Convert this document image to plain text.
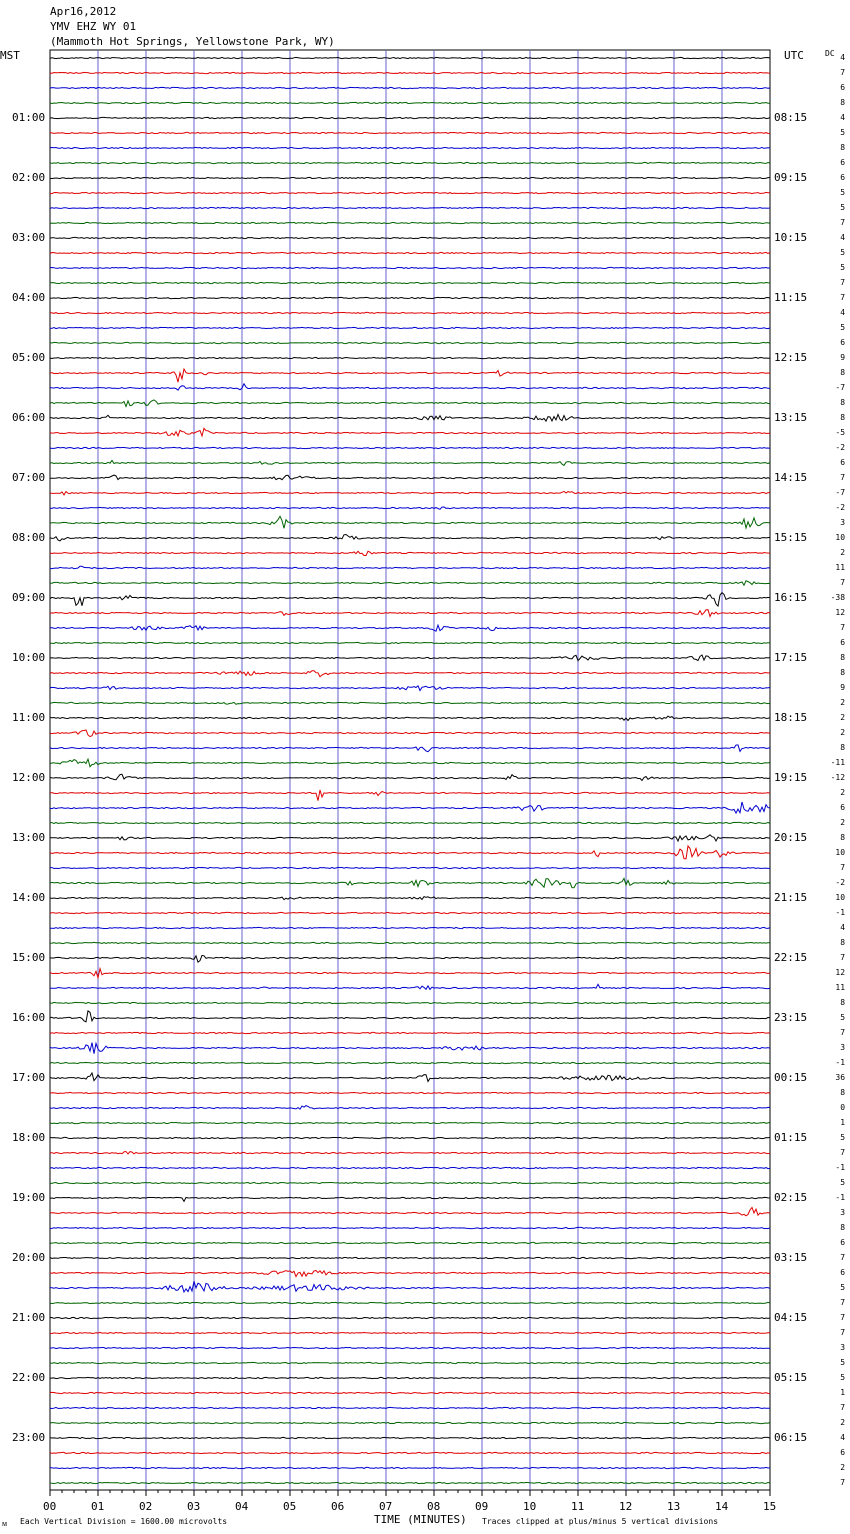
Apr16,2012
YMV EHZ WY 01
(Mammoth Hot Springs, Yellowstone Park, WY)
MST	UTC	DC
01:00
02:00
03:00
04:00
05:00
06:00
07:00
08:00
09:00
10:00
11:00
12:00
13:00
14:00
15:00
16:00
17:00
18:00
19:00
20:00
21:00
22:00
23:00
08:15
09:15
10:15
11:15
12:15
13:15
14:15
15:15
16:15
17:15
18:15
19:15
20:15
21:15
22:15
23:15
00:15
01:15
02:15
03:15
04:15
05:15
06:15
4
7
6
8
4
5
8
6
6
5
5
7
4
5
5
7
7
4
5
6
9
8
-7
8
8
-5
-2
6
7
-7
-2
3
10
2
11
7
-38
12
7
6
8
8
9
2
2
2
8
-11
-12
2
6
2
8
10
7
-2
10
-1
4
8
7
12
11
8
5
7
3
-1
36
8
0
1
5
7
-1
5
-1
3
8
6
7
6
5
7
7
7
3
5
5
1
7
2
4
6
2
7
00	01	02	03	04	05	06	07	08	09	10	11	12	13	14	15
ᴍ Each Vertical Division = 1600.00 microvolts	TIME (MINUTES) Traces clipped at plus/minus 5 vertical divisions
